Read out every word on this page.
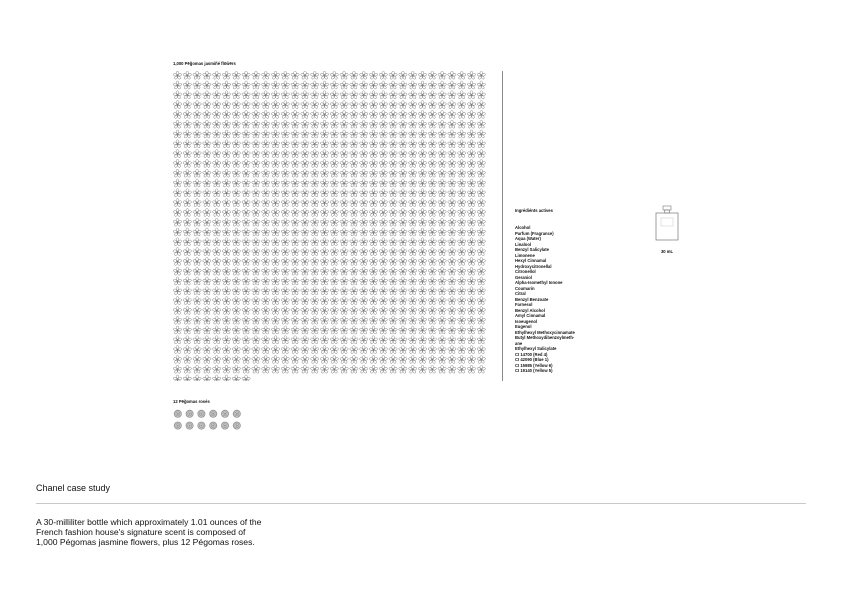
1,000 Pēğomas jasmiñé flöŵërs
Ingrédiénts actives
Alcohol
Parfum (Fragrance)
Aqua (Water)
Linalool
Benzyl Salicylate
Limonene
Hexyl Cinnamal
Hydroxycitronellal
Citronellol
Geraniol
Alpha-Isomethyl Ionone
Coumarin
Citral
Benzyl Benzoate
Farnesol
Benzyl Alcohol
Amyl Cinnamal
Isoeugenol
Eugenol
Ethylhexyl Methoxycinnamate
Butyl Methoxydibenzoylmeth-
ane
Ethylhexyl Salicylate
CI 14700 (Red 4)
CI 42090 (Blue 1)
CI 15985 (Yellow 6)
CI 19140 (Yellow 5)
30 mL
12 Pēğomas rosés
Chanel case study
A 30-milliliter bottle which approximately 1.01 ounces of the French fashion house's signature scent is composed of 1,000 Pégomas jasmine flowers, plus 12 Pégomas roses.
